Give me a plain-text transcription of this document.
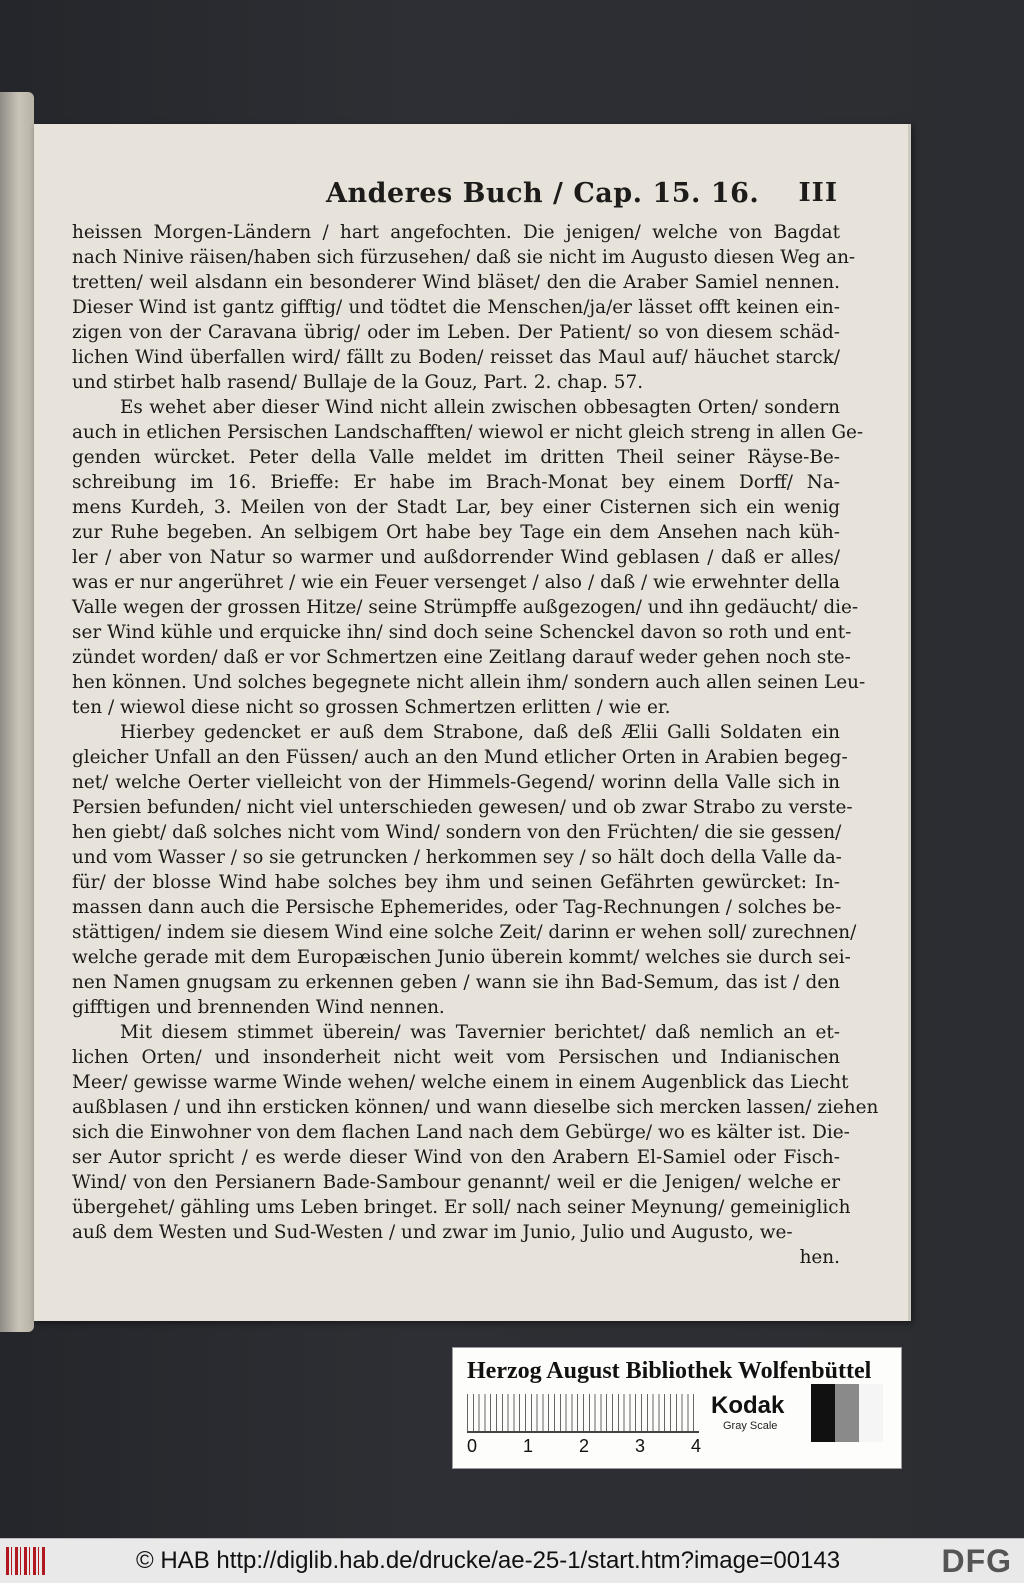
Anderes Buch / Cap. 15. 16. III

heissen Morgen-Ländern / hart angefochten. Die jenigen/ welche von Bagdat
nach Ninive räisen/haben sich fürzusehen/ daß sie nicht im Augusto diesen Weg an-
tretten/ weil alsdann ein besonderer Wind bläset/ den die Araber Samiel nennen.
Dieser Wind ist gantz gifftig/ und tödtet die Menschen/ja/er lässet offt keinen ein-
zigen von der Caravana übrig/ oder im Leben. Der Patient/ so von diesem schäd-
lichen Wind überfallen wird/ fällt zu Boden/ reisset das Maul auf/ häuchet starck/
und stirbet halb rasend/ Bullaje de la Gouz, Part. 2. chap. 57.

Es wehet aber dieser Wind nicht allein zwischen obbesagten Orten/ sondern
auch in etlichen Persischen Landschafften/ wiewol er nicht gleich streng in allen Ge-
genden würcket. Peter della Valle meldet im dritten Theil seiner Räyse-Be-
schreibung im 16. Brieffe: Er habe im Brach-Monat bey einem Dorff/ Na-
mens Kurdeh, 3. Meilen von der Stadt Lar, bey einer Cisternen sich ein wenig
zur Ruhe begeben. An selbigem Ort habe bey Tage ein dem Ansehen nach küh-
ler / aber von Natur so warmer und außdorrender Wind geblasen / daß er alles/
was er nur angerühret / wie ein Feuer versenget / also / daß / wie erwehnter della
Valle wegen der grossen Hitze/ seine Strümpffe außgezogen/ und ihn gedäucht/ die-
ser Wind kühle und erquicke ihn/ sind doch seine Schenckel davon so roth und ent-
zündet worden/ daß er vor Schmertzen eine Zeitlang darauf weder gehen noch ste-
hen können. Und solches begegnete nicht allein ihm/ sondern auch allen seinen Leu-
ten / wiewol diese nicht so grossen Schmertzen erlitten / wie er.

Hierbey gedencket er auß dem Strabone, daß deß Ælii Galli Soldaten ein
gleicher Unfall an den Füssen/ auch an den Mund etlicher Orten in Arabien begeg-
net/ welche Oerter vielleicht von der Himmels-Gegend/ worinn della Valle sich in
Persien befunden/ nicht viel unterschieden gewesen/ und ob zwar Strabo zu verste-
hen giebt/ daß solches nicht vom Wind/ sondern von den Früchten/ die sie gessen/
und vom Wasser / so sie getruncken / herkommen sey / so hält doch della Valle da-
für/ der blosse Wind habe solches bey ihm und seinen Gefährten gewürcket: In-
massen dann auch die Persische Ephemerides, oder Tag-Rechnungen / solches be-
stättigen/ indem sie diesem Wind eine solche Zeit/ darinn er wehen soll/ zurechnen/
welche gerade mit dem Europæischen Junio überein kommt/ welches sie durch sei-
nen Namen gnugsam zu erkennen geben / wann sie ihn Bad-Semum, das ist / den
gifftigen und brennenden Wind nennen.

Mit diesem stimmet überein/ was Tavernier berichtet/ daß nemlich an et-
lichen Orten/ und insonderheit nicht weit vom Persischen und Indianischen
Meer/ gewisse warme Winde wehen/ welche einem in einem Augenblick das Liecht
außblasen / und ihn ersticken können/ und wann dieselbe sich mercken lassen/ ziehen
sich die Einwohner von dem flachen Land nach dem Gebürge/ wo es kälter ist. Die-
ser Autor spricht / es werde dieser Wind von den Arabern El-Samiel oder Fisch-
Wind/ von den Persianern Bade-Sambour genannt/ weil er die Jenigen/ welche er
übergehet/ gähling ums Leben bringet. Er soll/ nach seiner Meynung/ gemeiniglich
auß dem Westen und Sud-Westen / und zwar im Junio, Julio und Augusto, we-

hen.
Herzog August Bibliothek Wolfenbüttel
0	1	2	3	4
Kodak
Gray Scale
© HAB http://diglib.hab.de/drucke/ae-25-1/start.htm?image=00143	DFG
